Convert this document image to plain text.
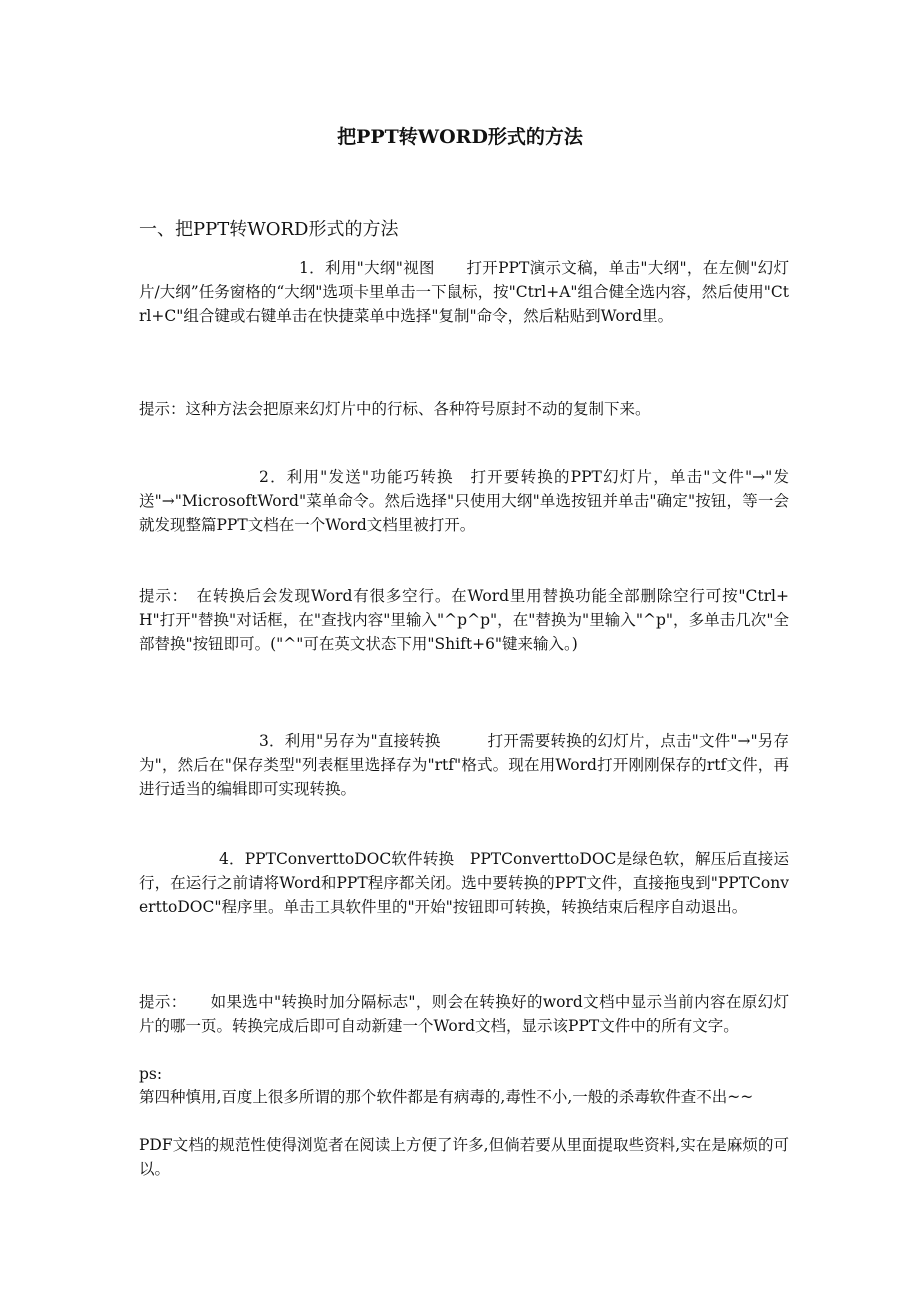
把PPT转WORD形式的方法
一、把PPT转WORD形式的方法
1．利用"大纲"视图　　打开PPT演示文稿，单击"大纲"，在左侧"幻灯片/大纲”任务窗格的“大纲"选项卡里单击一下鼠标，按"Ctrl+A"组合健全选内容，然后使用"Ctrl+C"组合键或右键单击在快捷菜单中选择"复制"命令，然后粘贴到Word里。
提示：这种方法会把原来幻灯片中的行标、各种符号原封不动的复制下来。
2．利用"发送"功能巧转换　打开要转换的PPT幻灯片，单击"文件"→"发送"→"MicrosoftWord"菜单命令。然后选择"只使用大纲"单选按钮并单击"确定"按钮，等一会就发现整篇PPT文档在一个Word文档里被打开。
提示：　在转换后会发现Word有很多空行。在Word里用替换功能全部删除空行可按"Ctrl+H"打开"替换"对话框，在"查找内容"里输入"^p^p"，在"替换为"里输入"^p"，多单击几次"全部替换"按钮即可。("^"可在英文状态下用"Shift+6"键来输入。)
3．利用"另存为"直接转换　　　打开需要转换的幻灯片，点击"文件"→"另存为"，然后在"保存类型"列表框里选择存为"rtf"格式。现在用Word打开刚刚保存的rtf文件，再进行适当的编辑即可实现转换。
4．PPTConverttoDOC软件转换　PPTConverttoDOC是绿色软，解压后直接运行，在运行之前请将Word和PPT程序都关闭。选中要转换的PPT文件，直接拖曳到"PPTConverttoDOC"程序里。单击工具软件里的"开始"按钮即可转换，转换结束后程序自动退出。
提示：　　如果选中"转换时加分隔标志"，则会在转换好的word文档中显示当前内容在原幻灯片的哪一页。转换完成后即可自动新建一个Word文档，显示该PPT文件中的所有文字。
ps:
第四种慎用,百度上很多所谓的那个软件都是有病毒的,毒性不小,一般的杀毒软件查不出~~
PDF文档的规范性使得浏览者在阅读上方便了许多,但倘若要从里面提取些资料,实在是麻烦的可以。
